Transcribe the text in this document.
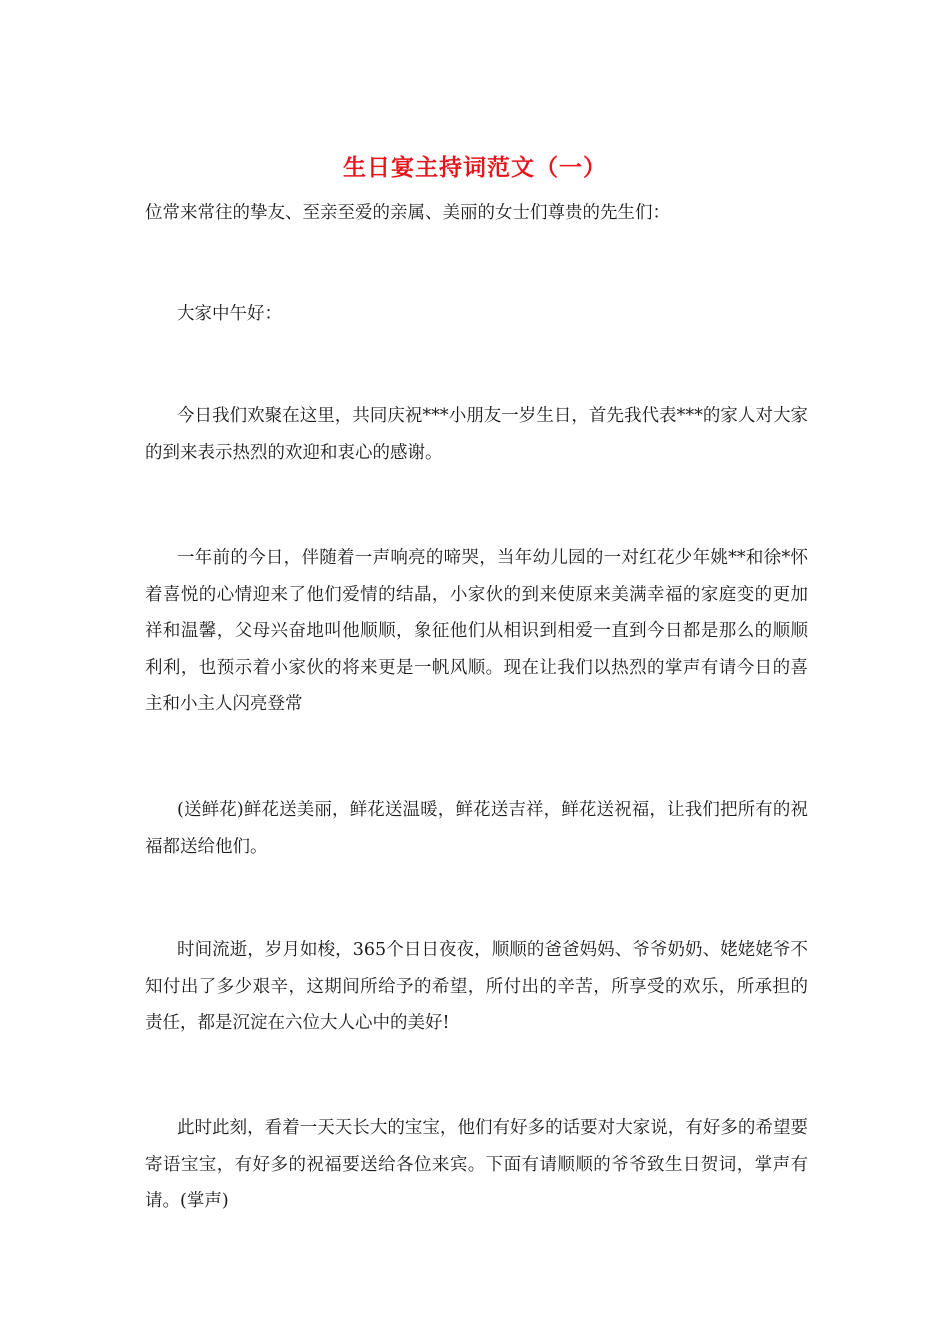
生日宴主持词范文（一）

位常来常往的挚友、至亲至爱的亲属、美丽的女士们尊贵的先生们：

大家中午好：

今日我们欢聚在这里，共同庆祝***小朋友一岁生日，首先我代表***的家人对大家的到来表示热烈的欢迎和衷心的感谢。

一年前的今日，伴随着一声响亮的啼哭，当年幼儿园的一对红花少年姚**和徐*怀着喜悦的心情迎来了他们爱情的结晶，小家伙的到来使原来美满幸福的家庭变的更加祥和温馨，父母兴奋地叫他顺顺，象征他们从相识到相爱一直到今日都是那么的顺顺利利，也预示着小家伙的将来更是一帆风顺。现在让我们以热烈的掌声有请今日的喜主和小主人闪亮登常

(送鲜花)鲜花送美丽，鲜花送温暖，鲜花送吉祥，鲜花送祝福，让我们把所有的祝福都送给他们。

时间流逝，岁月如梭，365个日日夜夜，顺顺的爸爸妈妈、爷爷奶奶、姥姥姥爷不知付出了多少艰辛，这期间所给予的希望，所付出的辛苦，所享受的欢乐，所承担的责任，都是沉淀在六位大人心中的美好!

此时此刻，看着一天天长大的宝宝，他们有好多的话要对大家说，有好多的希望要寄语宝宝，有好多的祝福要送给各位来宾。下面有请顺顺的爷爷致生日贺词，掌声有请。(掌声)
